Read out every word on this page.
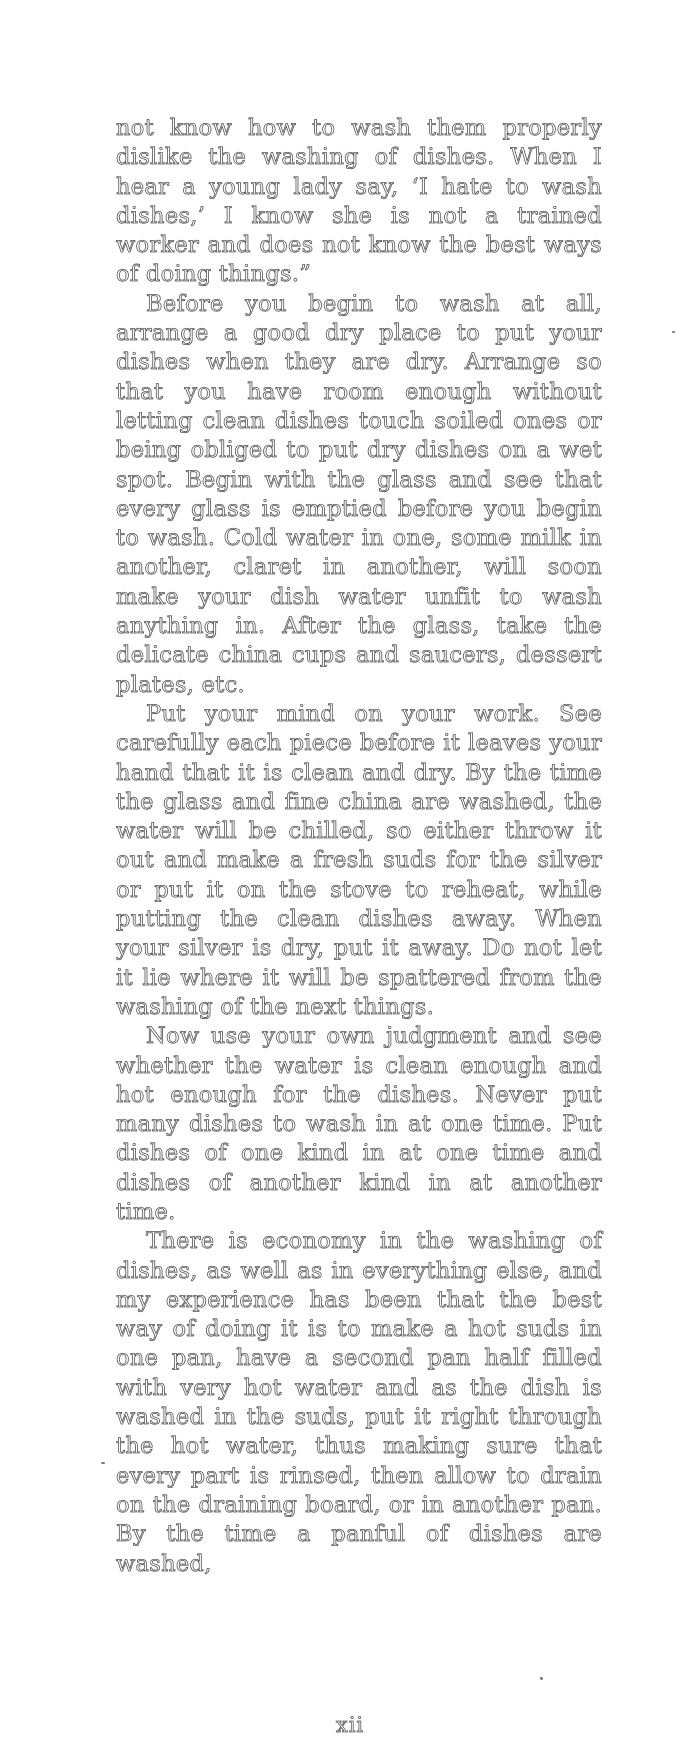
not know how to wash them properly dislike the washing of dishes. When I hear a young lady say, ‘I hate to wash dishes,’ I know she is not a trained worker and does not know the best ways of doing things.”

Before you begin to wash at all, arrange a good dry place to put your dishes when they are dry. Arrange so that you have room enough without letting clean dishes touch soiled ones or being obliged to put dry dishes on a wet spot. Begin with the glass and see that every glass is emptied before you begin to wash. Cold water in one, some milk in another, claret in another, will soon make your dish water unfit to wash anything in. After the glass, take the delicate china cups and saucers, dessert plates, etc.

Put your mind on your work. See carefully each piece before it leaves your hand that it is clean and dry. By the time the glass and fine china are washed, the water will be chilled, so either throw it out and make a fresh suds for the silver or put it on the stove to reheat, while putting the clean dishes away. When your silver is dry, put it away. Do not let it lie where it will be spattered from the washing of the next things.

Now use your own judgment and see whether the water is clean enough and hot enough for the dishes. Never put many dishes to wash in at one time. Put dishes of one kind in at one time and dishes of another kind in at another time.

There is economy in the washing of dishes, as well as in everything else, and my experience has been that the best way of doing it is to make a hot suds in one pan, have a second pan half filled with very hot water and as the dish is washed in the suds, put it right through the hot water, thus making sure that every part is rinsed, then allow to drain on the draining board, or in another pan. By the time a panful of dishes are washed,

xii
